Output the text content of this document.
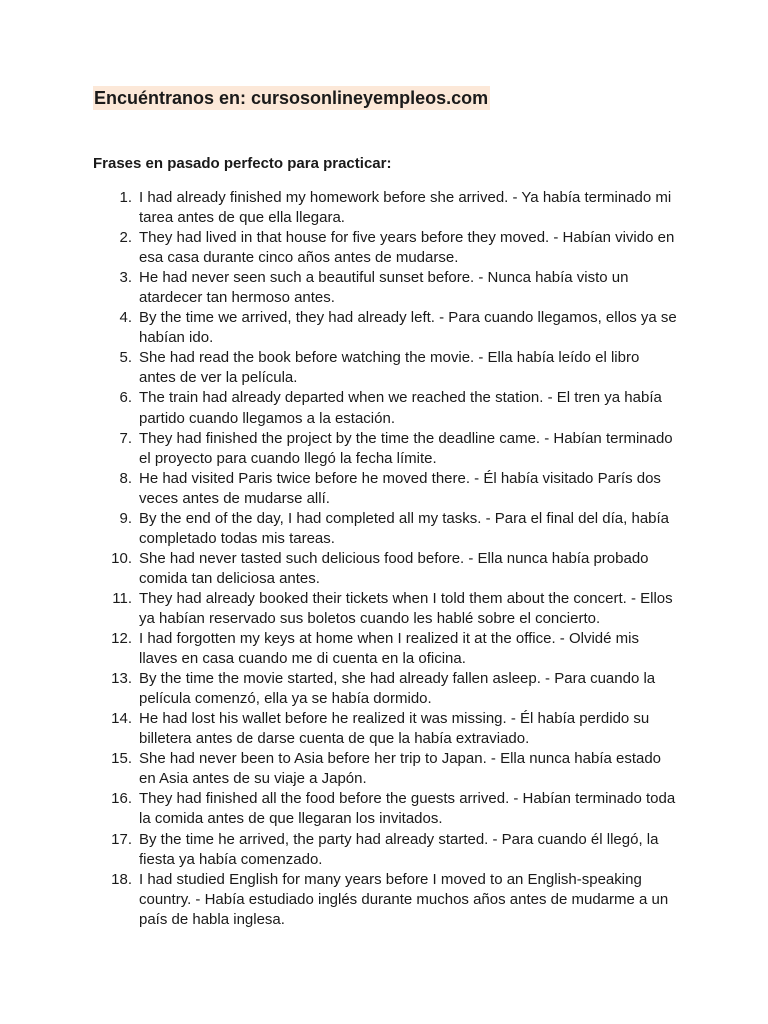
Encuéntranos en: cursosonlineyempleos.com
Frases en pasado perfecto para practicar:
1. I had already finished my homework before she arrived. - Ya había terminado mi tarea antes de que ella llegara.
2. They had lived in that house for five years before they moved. - Habían vivido en esa casa durante cinco años antes de mudarse.
3. He had never seen such a beautiful sunset before. - Nunca había visto un atardecer tan hermoso antes.
4. By the time we arrived, they had already left. - Para cuando llegamos, ellos ya se habían ido.
5. She had read the book before watching the movie. - Ella había leído el libro antes de ver la película.
6. The train had already departed when we reached the station. - El tren ya había partido cuando llegamos a la estación.
7. They had finished the project by the time the deadline came. - Habían terminado el proyecto para cuando llegó la fecha límite.
8. He had visited Paris twice before he moved there. - Él había visitado París dos veces antes de mudarse allí.
9. By the end of the day, I had completed all my tasks. - Para el final del día, había completado todas mis tareas.
10. She had never tasted such delicious food before. - Ella nunca había probado comida tan deliciosa antes.
11. They had already booked their tickets when I told them about the concert. - Ellos ya habían reservado sus boletos cuando les hablé sobre el concierto.
12. I had forgotten my keys at home when I realized it at the office. - Olvidé mis llaves en casa cuando me di cuenta en la oficina.
13. By the time the movie started, she had already fallen asleep. - Para cuando la película comenzó, ella ya se había dormido.
14. He had lost his wallet before he realized it was missing. - Él había perdido su billetera antes de darse cuenta de que la había extraviado.
15. She had never been to Asia before her trip to Japan. - Ella nunca había estado en Asia antes de su viaje a Japón.
16. They had finished all the food before the guests arrived. - Habían terminado toda la comida antes de que llegaran los invitados.
17. By the time he arrived, the party had already started. - Para cuando él llegó, la fiesta ya había comenzado.
18. I had studied English for many years before I moved to an English-speaking country. - Había estudiado inglés durante muchos años antes de mudarme a un país de habla inglesa.
